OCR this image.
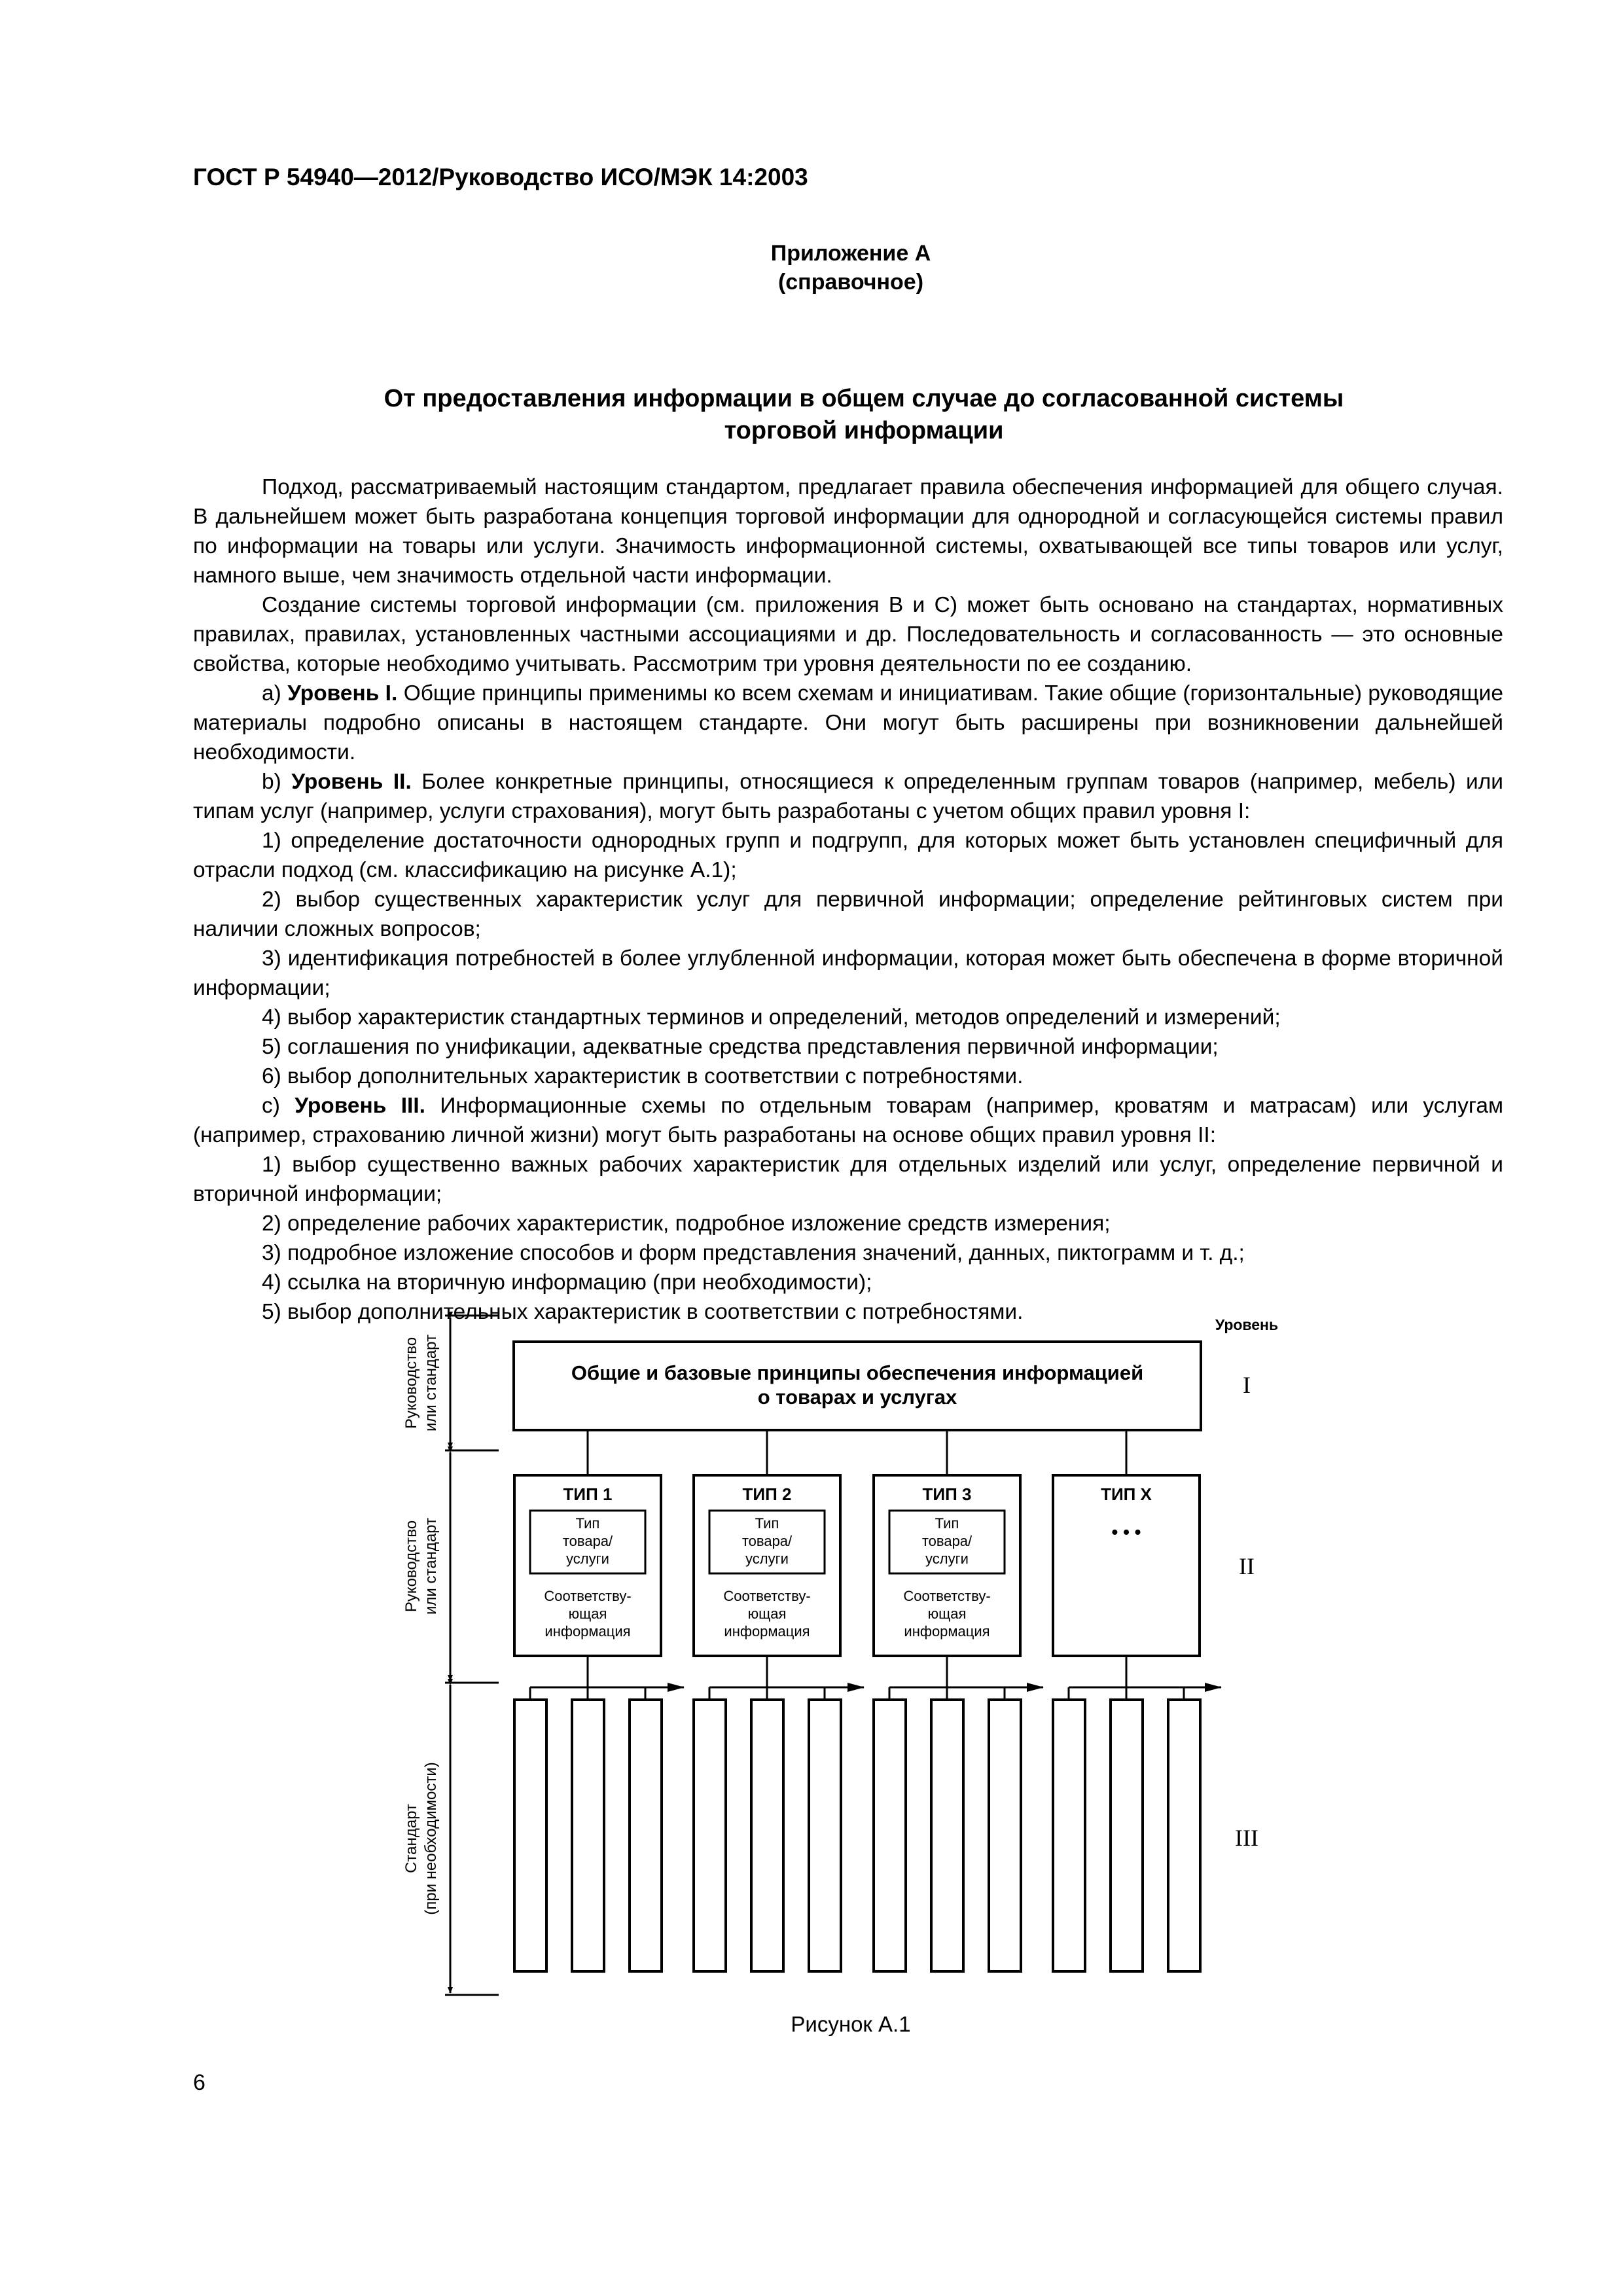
ГОСТ Р 54940—2012/Руководство ИСО/МЭК 14:2003
Приложение А
(справочное)
От предоставления информации в общем случае до согласованной системы
торговой информации

Подход, рассматриваемый настоящим стандартом, предлагает правила обеспечения информацией для общего случая. В дальнейшем может быть разработана концепция торговой информации для однородной и согласующейся системы правил по информации на товары или услуги. Значимость информационной системы, охватывающей все типы товаров или услуг, намного выше, чем значимость отдельной части информации.

Создание системы торговой информации (см. приложения В и С) может быть основано на стандартах, нормативных правилах, правилах, установленных частными ассоциациями и др. Последовательность и согласованность — это основные свойства, которые необходимо учитывать. Рассмотрим три уровня деятельности по ее созданию.

а) Уровень I. Общие принципы применимы ко всем схемам и инициативам. Такие общие (горизонтальные) руководящие материалы подробно описаны в настоящем стандарте. Они могут быть расширены при возникновении дальнейшей необходимости.

b) Уровень II. Более конкретные принципы, относящиеся к определенным группам товаров (например, мебель) или типам услуг (например, услуги страхования), могут быть разработаны с учетом общих правил уровня I:

1) определение достаточности однородных групп и подгрупп, для которых может быть установлен специфичный для отрасли подход (см. классификацию на рисунке А.1);

2) выбор существенных характеристик услуг для первичной информации; определение рейтинговых систем при наличии сложных вопросов;

3) идентификация потребностей в более углубленной информации, которая может быть обеспечена в форме вторичной информации;

4) выбор характеристик стандартных терминов и определений, методов определений и измерений;

5) соглашения по унификации, адекватные средства представления первичной информации;

6) выбор дополнительных характеристик в соответствии с потребностями.

с) Уровень III. Информационные схемы по отдельным товарам (например, кроватям и матрасам) или услугам (например, страхованию личной жизни) могут быть разработаны на основе общих правил уровня II:

1) выбор существенно важных рабочих характеристик для отдельных изделий или услуг, определение первичной и вторичной информации;

2) определение рабочих характеристик, подробное изложение средств измерения;

3) подробное изложение способов и форм представления значений, данных, пиктограмм и т. д.;

4) ссылка на вторичную информацию (при необходимости);

5) выбор дополнительных характеристик в соответствии с потребностями.

Руководство или стандарт
Руководство или стандарт
Стандарт (при необходимости)
Уровень
I
II
III
Общие и базовые принципы обеспечения информацией
о товарах и услугах
ТИП 1
Тип
товара/
услуги
Соответству-
ющая
информация
ТИП 2
Тип
товара/
услуги
Соответству-
ющая
информация
ТИП 3
Тип
товара/
услуги
Соответству-
ющая
информация
ТИП X
• • •
Рисунок А.1
6
